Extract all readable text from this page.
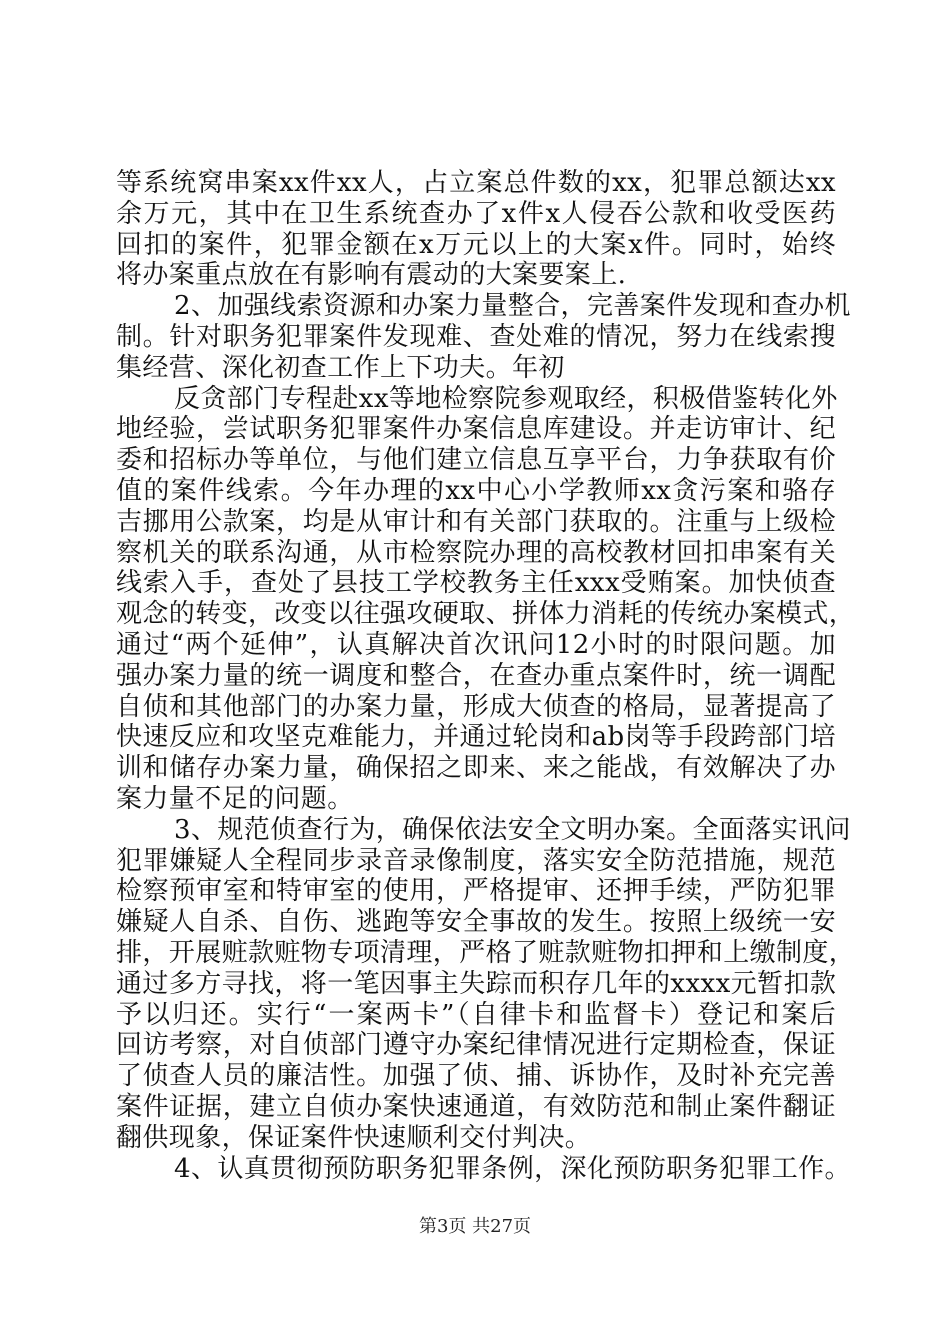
等系统窝串案xx件xx人，占立案总件数的xx，犯罪总额达xx
余万元，其中在卫生系统查办了x件x人侵吞公款和收受医药
回扣的案件，犯罪金额在x万元以上的大案x件。同时，始终
将办案重点放在有影响有震动的大案要案上.
2、加强线索资源和办案力量整合，完善案件发现和查办机
制。针对职务犯罪案件发现难、查处难的情况，努力在线索搜
集经营、深化初查工作上下功夫。年初
反贪部门专程赴xx等地检察院参观取经，积极借鉴转化外
地经验，尝试职务犯罪案件办案信息库建设。并走访审计、纪
委和招标办等单位，与他们建立信息互享平台，力争获取有价
值的案件线索。今年办理的xx中心小学教师xx贪污案和骆存
吉挪用公款案，均是从审计和有关部门获取的。注重与上级检
察机关的联系沟通，从市检察院办理的高校教材回扣串案有关
线索入手，查处了县技工学校教务主任xxx受贿案。加快侦查
观念的转变，改变以往强攻硬取、拼体力消耗的传统办案模式，
通过“两个延伸”，认真解决首次讯问12小时的时限问题。加
强办案力量的统一调度和整合，在查办重点案件时，统一调配
自侦和其他部门的办案力量，形成大侦查的格局，显著提高了
快速反应和攻坚克难能力，并通过轮岗和ab岗等手段跨部门培
训和储存办案力量，确保招之即来、来之能战，有效解决了办
案力量不足的问题。
3、规范侦查行为，确保依法安全文明办案。全面落实讯问
犯罪嫌疑人全程同步录音录像制度，落实安全防范措施，规范
检察预审室和特审室的使用，严格提审、还押手续，严防犯罪
嫌疑人自杀、自伤、逃跑等安全事故的发生。按照上级统一安
排，开展赃款赃物专项清理，严格了赃款赃物扣押和上缴制度，
通过多方寻找，将一笔因事主失踪而积存几年的xxxx元暂扣款
予以归还。实行“一案两卡”（自律卡和监督卡）登记和案后
回访考察，对自侦部门遵守办案纪律情况进行定期检查，保证
了侦查人员的廉洁性。加强了侦、捕、诉协作，及时补充完善
案件证据，建立自侦办案快速通道，有效防范和制止案件翻证
翻供现象，保证案件快速顺利交付判决。
4、认真贯彻预防职务犯罪条例，深化预防职务犯罪工作。
第3页 共27页
